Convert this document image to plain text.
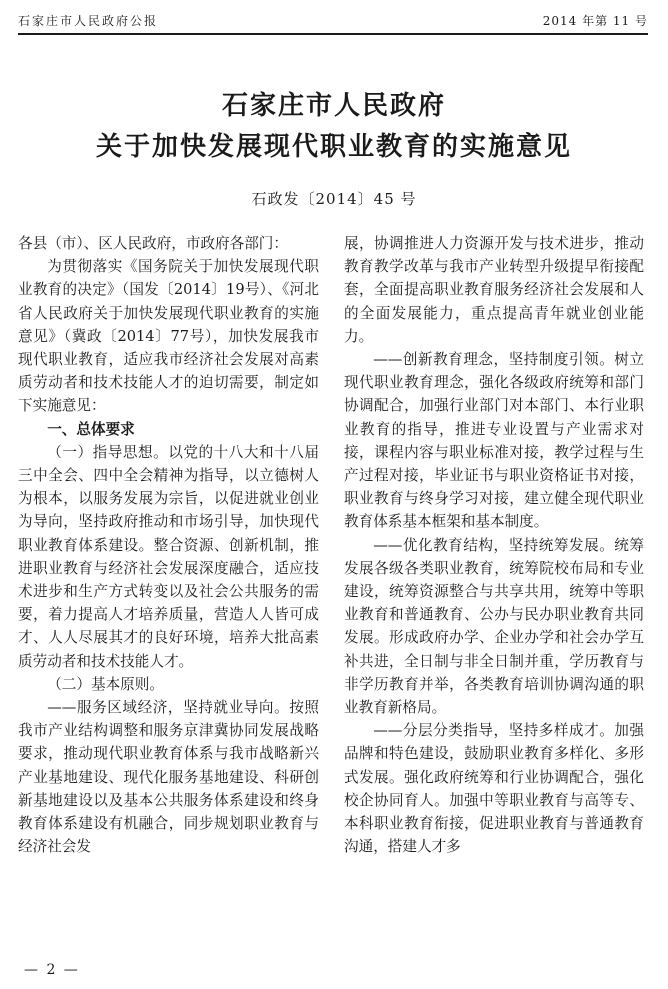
石家庄市人民政府公报	2014 年第 11 号
石家庄市人民政府
关于加快发展现代职业教育的实施意见
石政发〔2014〕45 号

各县（市）、区人民政府，市政府各部门：

为贯彻落实《国务院关于加快发展现代职业教育的决定》（国发〔2014〕19号）、《河北省人民政府关于加快发展现代职业教育的实施意见》（冀政〔2014〕77号），加快发展我市现代职业教育，适应我市经济社会发展对高素质劳动者和技术技能人才的迫切需要，制定如下实施意见：

一、总体要求

（一）指导思想。以党的十八大和十八届三中全会、四中全会精神为指导，以立德树人为根本，以服务发展为宗旨，以促进就业创业为导向，坚持政府推动和市场引导，加快现代职业教育体系建设。整合资源、创新机制，推进职业教育与经济社会发展深度融合，适应技术进步和生产方式转变以及社会公共服务的需要，着力提高人才培养质量，营造人人皆可成才、人人尽展其才的良好环境，培养大批高素质劳动者和技术技能人才。

（二）基本原则。

——服务区域经济，坚持就业导向。按照我市产业结构调整和服务京津冀协同发展战略要求，推动现代职业教育体系与我市战略新兴产业基地建设、现代化服务基地建设、科研创新基地建设以及基本公共服务体系建设和终身教育体系建设有机融合，同步规划职业教育与经济社会发

展，协调推进人力资源开发与技术进步，推动教育教学改革与我市产业转型升级提早衔接配套，全面提高职业教育服务经济社会发展和人的全面发展能力，重点提高青年就业创业能力。

——创新教育理念，坚持制度引领。树立现代职业教育理念，强化各级政府统筹和部门协调配合，加强行业部门对本部门、本行业职业教育的指导，推进专业设置与产业需求对接，课程内容与职业标准对接，教学过程与生产过程对接，毕业证书与职业资格证书对接，职业教育与终身学习对接，建立健全现代职业教育体系基本框架和基本制度。

——优化教育结构，坚持统筹发展。统筹发展各级各类职业教育，统筹院校布局和专业建设，统筹资源整合与共享共用，统筹中等职业教育和普通教育、公办与民办职业教育共同发展。形成政府办学、企业办学和社会办学互补共进，全日制与非全日制并重，学历教育与非学历教育并举，各类教育培训协调沟通的职业教育新格局。

——分层分类指导，坚持多样成才。加强品牌和特色建设，鼓励职业教育多样化、多形式发展。强化政府统筹和行业协调配合，强化校企协同育人。加强中等职业教育与高等专、本科职业教育衔接，促进职业教育与普通教育沟通，搭建人才多

— 2 —
